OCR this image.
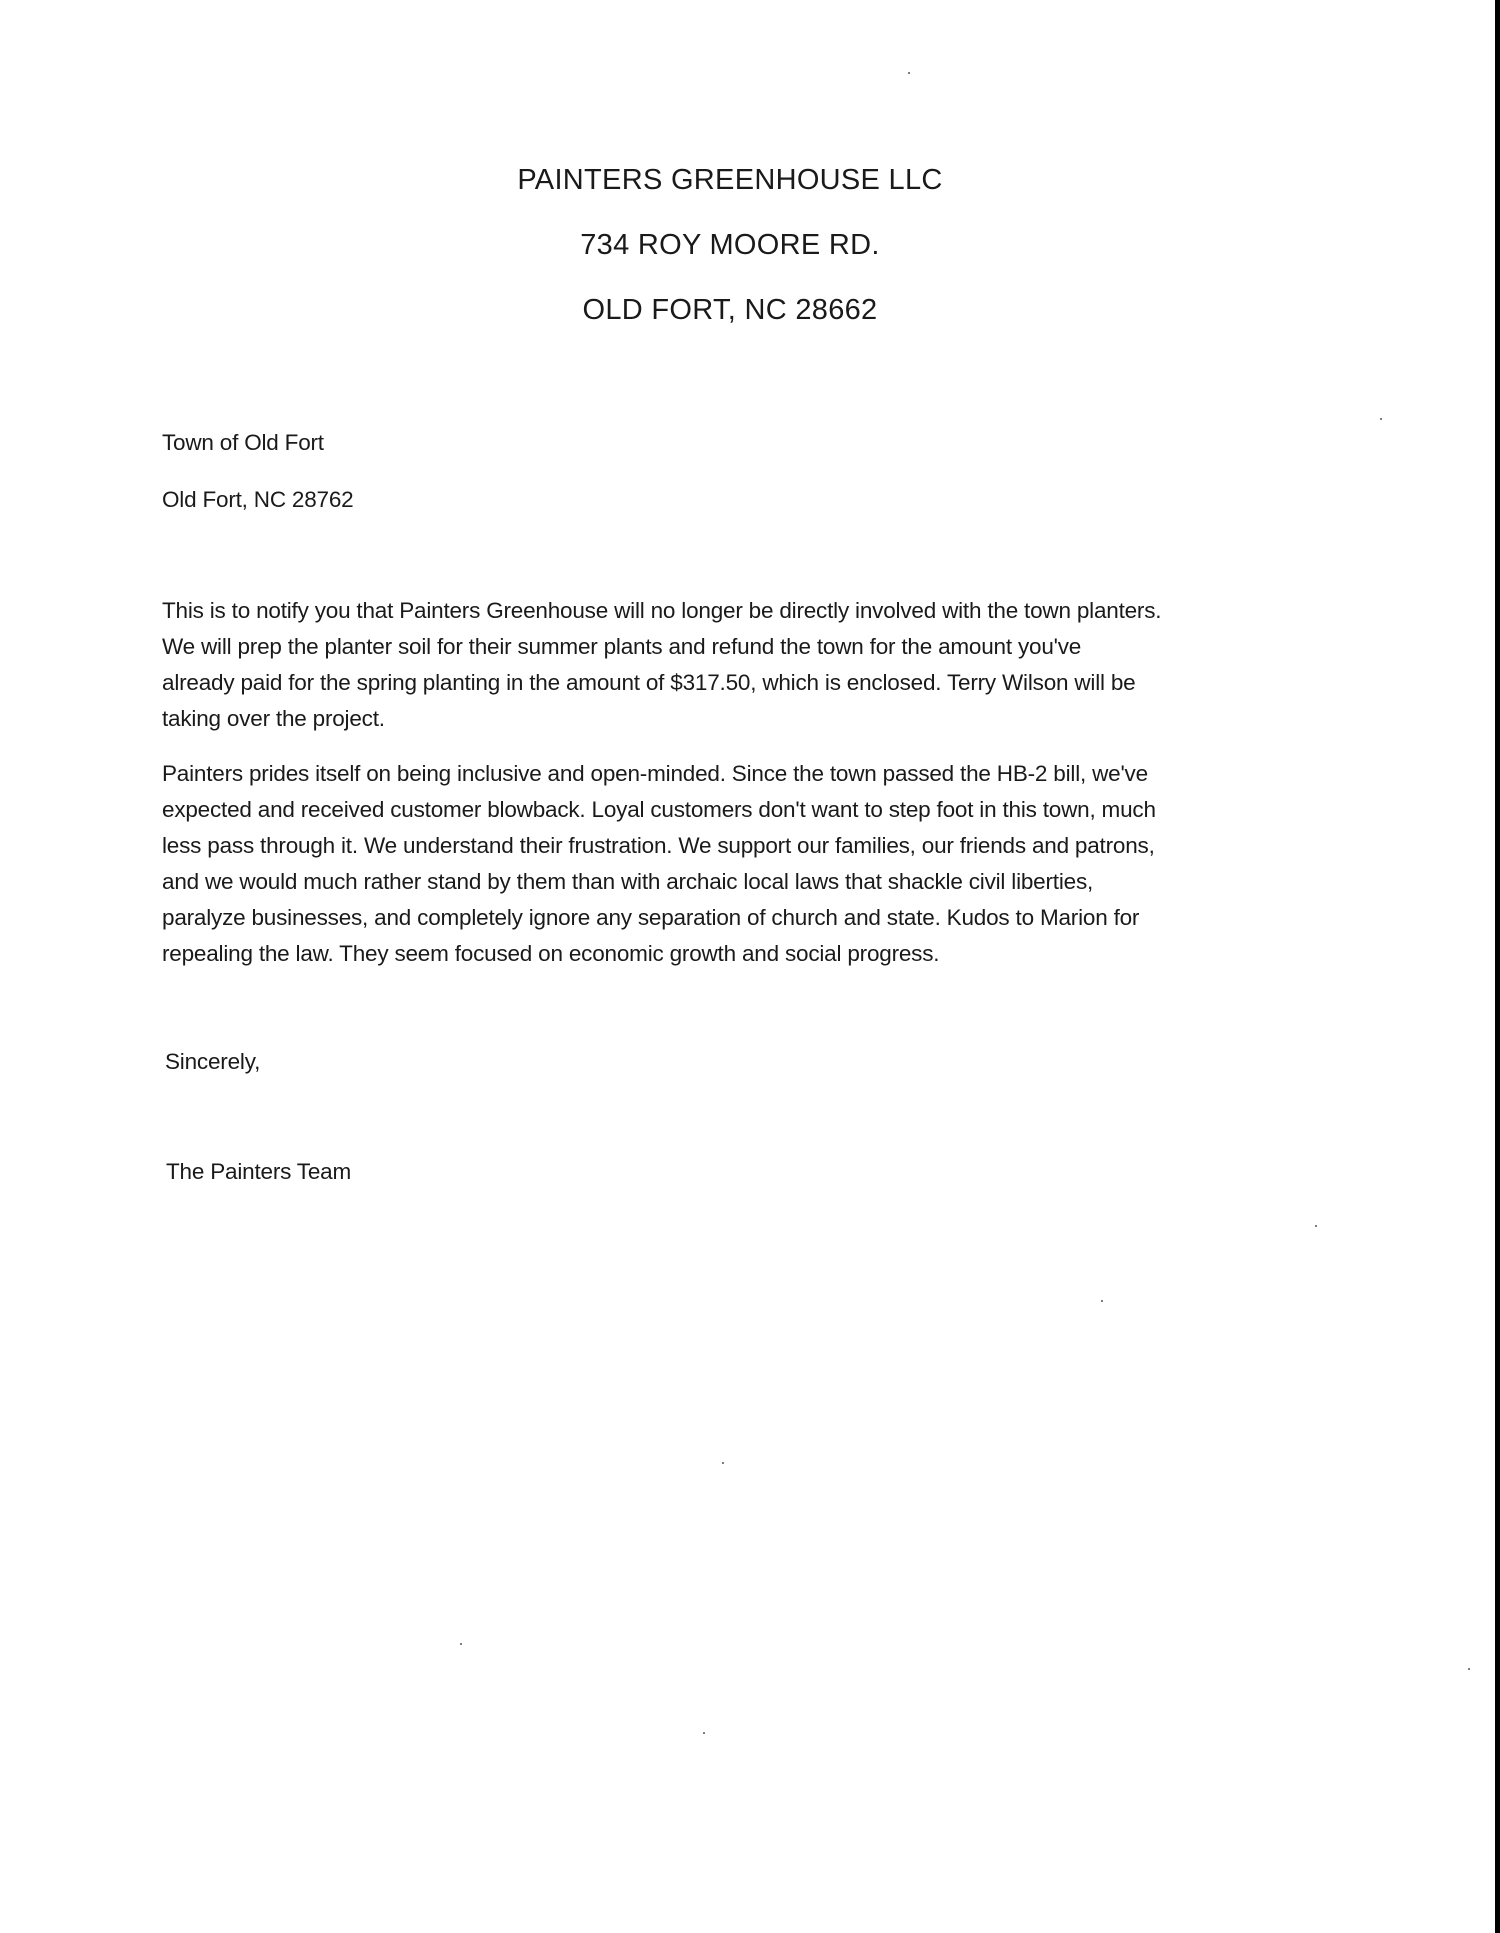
PAINTERS GREENHOUSE LLC
734 ROY MOORE RD.
OLD FORT, NC 28662
Town of Old Fort
Old Fort, NC 28762
This is to notify you that Painters Greenhouse will no longer be directly involved with the town planters.
We will prep the planter soil for their summer plants and refund the town for the amount you've
already paid for the spring planting in the amount of $317.50, which is enclosed. Terry Wilson will be
taking over the project.
Painters prides itself on being inclusive and open-minded. Since the town passed the HB-2 bill, we've
expected and received customer blowback. Loyal customers don't want to step foot in this town, much
less pass through it. We understand their frustration. We support our families, our friends and patrons,
and we would much rather stand by them than with archaic local laws that shackle civil liberties,
paralyze businesses, and completely ignore any separation of church and state. Kudos to Marion for
repealing the law. They seem focused on economic growth and social progress.
Sincerely,
The Painters Team
